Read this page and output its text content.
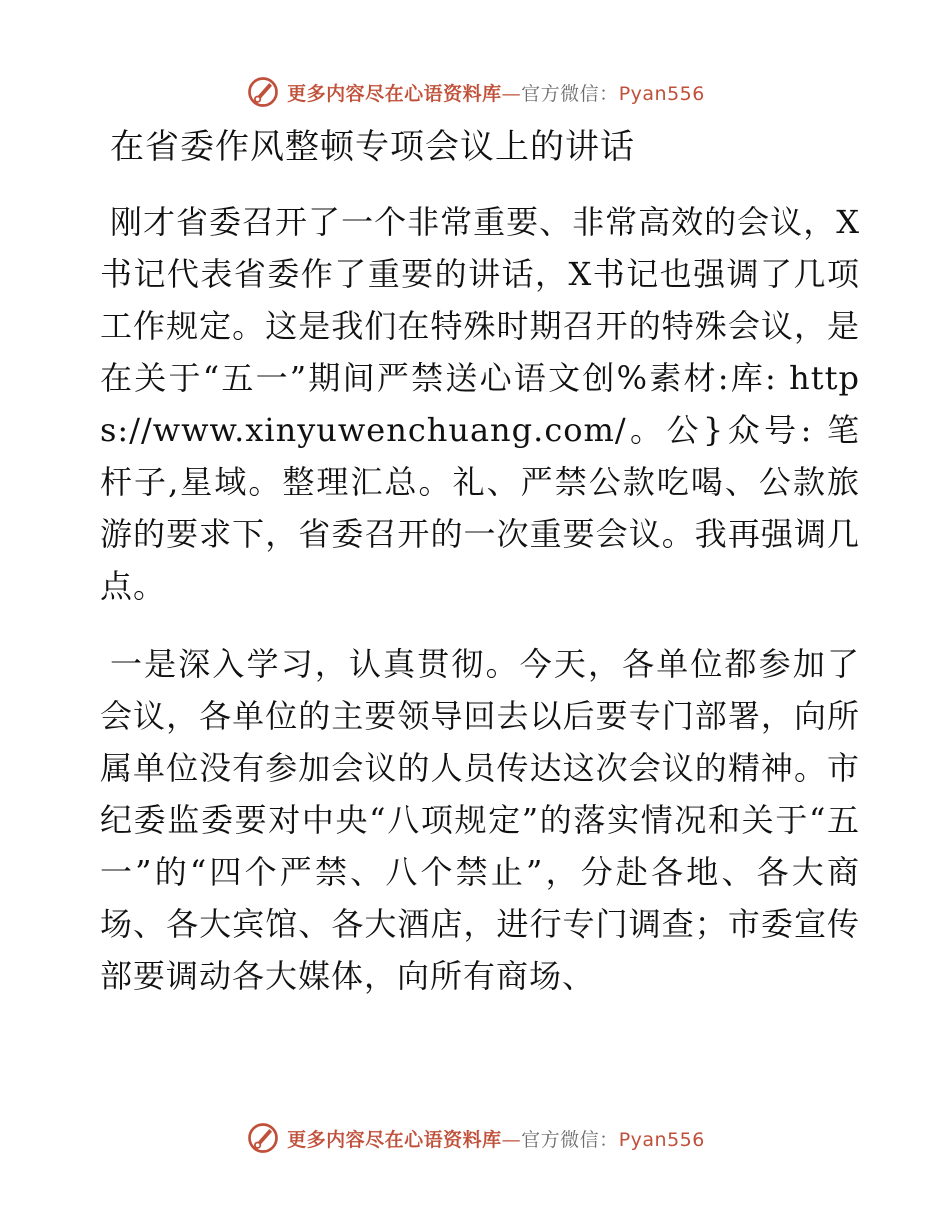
更多内容尽在心语资料库—官方微信：Pyan556
在省委作风整顿专项会议上的讲话

刚才省委召开了一个非常重要、非常高效的会议，X书记代表省委作了重要的讲话，X书记也强调了几项工作规定。这是我们在特殊时期召开的特殊会议，是在关于“五一”期间严禁送心语文创%素材:库: https://www.xinyuwenchuang.com/。公}众号: 笔杆子,星域。整理汇总。礼、严禁公款吃喝、公款旅游的要求下，省委召开的一次重要会议。我再强调几点。

一是深入学习，认真贯彻。今天，各单位都参加了会议，各单位的主要领导回去以后要专门部署，向所属单位没有参加会议的人员传达这次会议的精神。市纪委监委要对中央“八项规定”的落实情况和关于“五一”的“四个严禁、八个禁止”，分赴各地、各大商场、各大宾馆、各大酒店，进行专门调查；市委宣传部要调动各大媒体，向所有商场、

更多内容尽在心语资料库—官方微信：Pyan556
